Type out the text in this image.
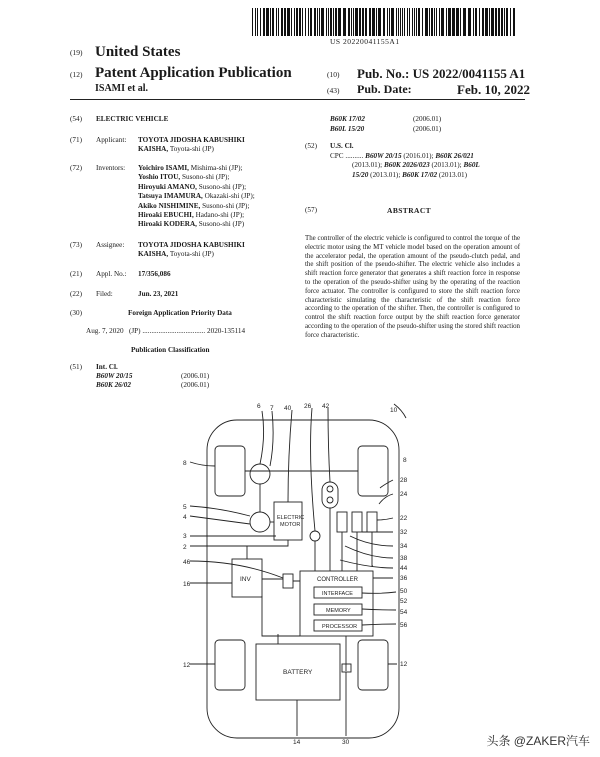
US 20220041155A1
(19) United States
(12) Patent Application Publication
ISAMI et al.
(10) Pub. No.: US 2022/0041155 A1
(43) Pub. Date:	Feb. 10, 2022
(54) ELECTRIC VEHICLE
(71) Applicant: TOYOTA JIDOSHA KABUSHIKI
KAISHA, Toyota-shi (JP)
(72) Inventors: Yoichiro ISAMI, Mishima-shi (JP);
Yoshio ITOU, Susono-shi (JP);
Hiroyuki AMANO, Susono-shi (JP);
Tatsuya IMAMURA, Okazaki-shi (JP);
Akiko NISHIMINE, Susono-shi (JP);
Hiroaki EBUCHI, Hadano-shi (JP);
Hiroaki KODERA, Susono-shi (JP)
(73) Assignee: TOYOTA JIDOSHA KABUSHIKI
KAISHA, Toyota-shi (JP)
(21) Appl. No.: 17/356,086
(22) Filed:	Jun. 23, 2021
(30)	Foreign Application Priority Data
Aug. 7, 2020 (JP) ................................... 2020-135114
Publication Classification
(51) Int. Cl.
B60W 20/15	(2006.01)
B60K 26/02	(2006.01)
B60K 17/02	(2006.01)
B60L 15/20	(2006.01)
(52) U.S. Cl.
CPC .......... B60W 20/15 (2016.01); B60K 26/021
(2013.01); B60K 2026/023 (2013.01); B60L
15/20 (2013.01); B60K 17/02 (2013.01)
(57)	ABSTRACT
The controller of the electric vehicle is configured to control the torque of the electric motor using the MT vehicle model based on the operation amount of the accelerator pedal, the operation amount of the pseudo-clutch pedal, and the shift position of the pseudo-shifter. The electric vehicle also includes a shift reaction force generator that generates a shift reaction force in response to the operation of the pseudo-shifter using by the operating of the reaction force actuator. The controller is configured to store the shift reaction force characteristic simulating the characteristic of the shift reaction force according to the operation of the shifter. Then, the controller is configured to control the shift reaction force output by the shift reaction force generator according to the operation of the pseudo-shifter using the stored shift reaction force characteristic.
ELECTRIC
MOTOR
INV	CONTROLLER
INTERFACE
MEMORY
PROCESSOR
BATTERY
10
6 7 40 26 42
8	8
28
24
5
4	22
32
3
34
2
38
46
44
36
16
50
52
54
56
12	12
14	30	头条 @ZAKER汽车
